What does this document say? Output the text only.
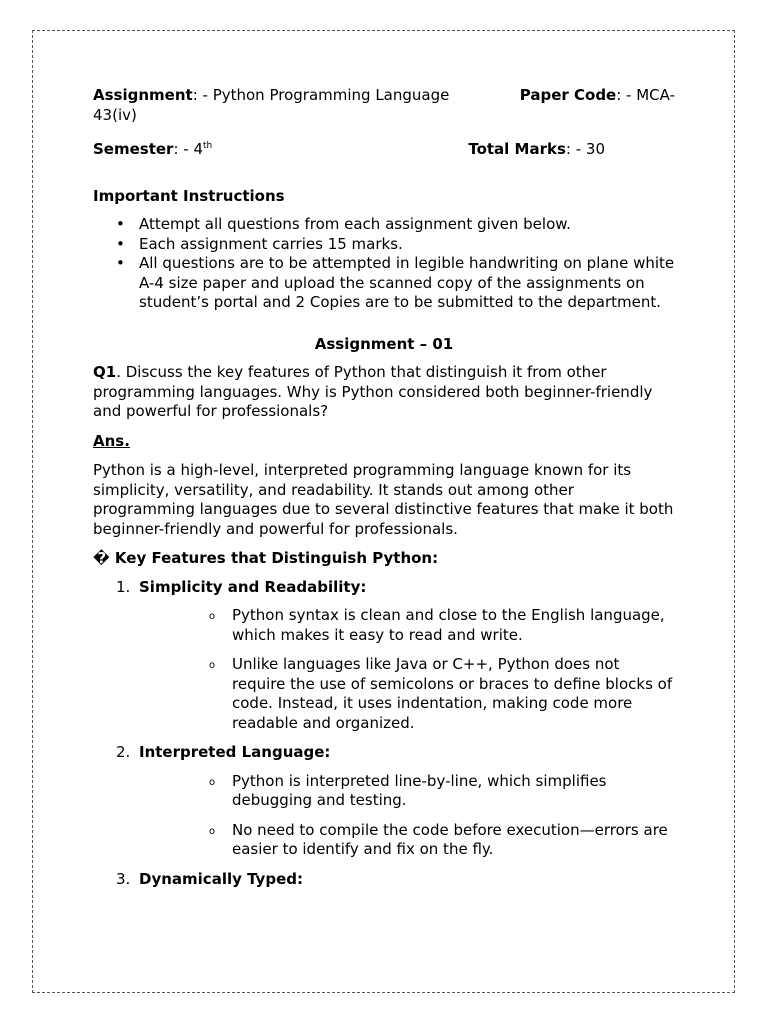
Assignment: - Python Programming Language	Paper Code: - MCA-

43(iv)

Semester: - 4th	Total Marks: - 30

Important Instructions

• Attempt all questions from each assignment given below.
• Each assignment carries 15 marks.
• All questions are to be attempted in legible handwriting on plane white A-4 size paper and upload the scanned copy of the assignments on student’s portal and 2 Copies are to be submitted to the department.

Assignment – 01

Q1. Discuss the key features of Python that distinguish it from other programming languages. Why is Python considered both beginner-friendly and powerful for professionals?

Ans.

Python is a high-level, interpreted programming language known for its simplicity, versatility, and readability. It stands out among other programming languages due to several distinctive features that make it both beginner-friendly and powerful for professionals.

� Key Features that Distinguish Python:

1. Simplicity and Readability:
o Python syntax is clean and close to the English language, which makes it easy to read and write.
o Unlike languages like Java or C++, Python does not require the use of semicolons or braces to define blocks of code. Instead, it uses indentation, making code more readable and organized.
2. Interpreted Language:
o Python is interpreted line-by-line, which simplifies debugging and testing.
o No need to compile the code before execution—errors are easier to identify and fix on the fly.
3. Dynamically Typed:
